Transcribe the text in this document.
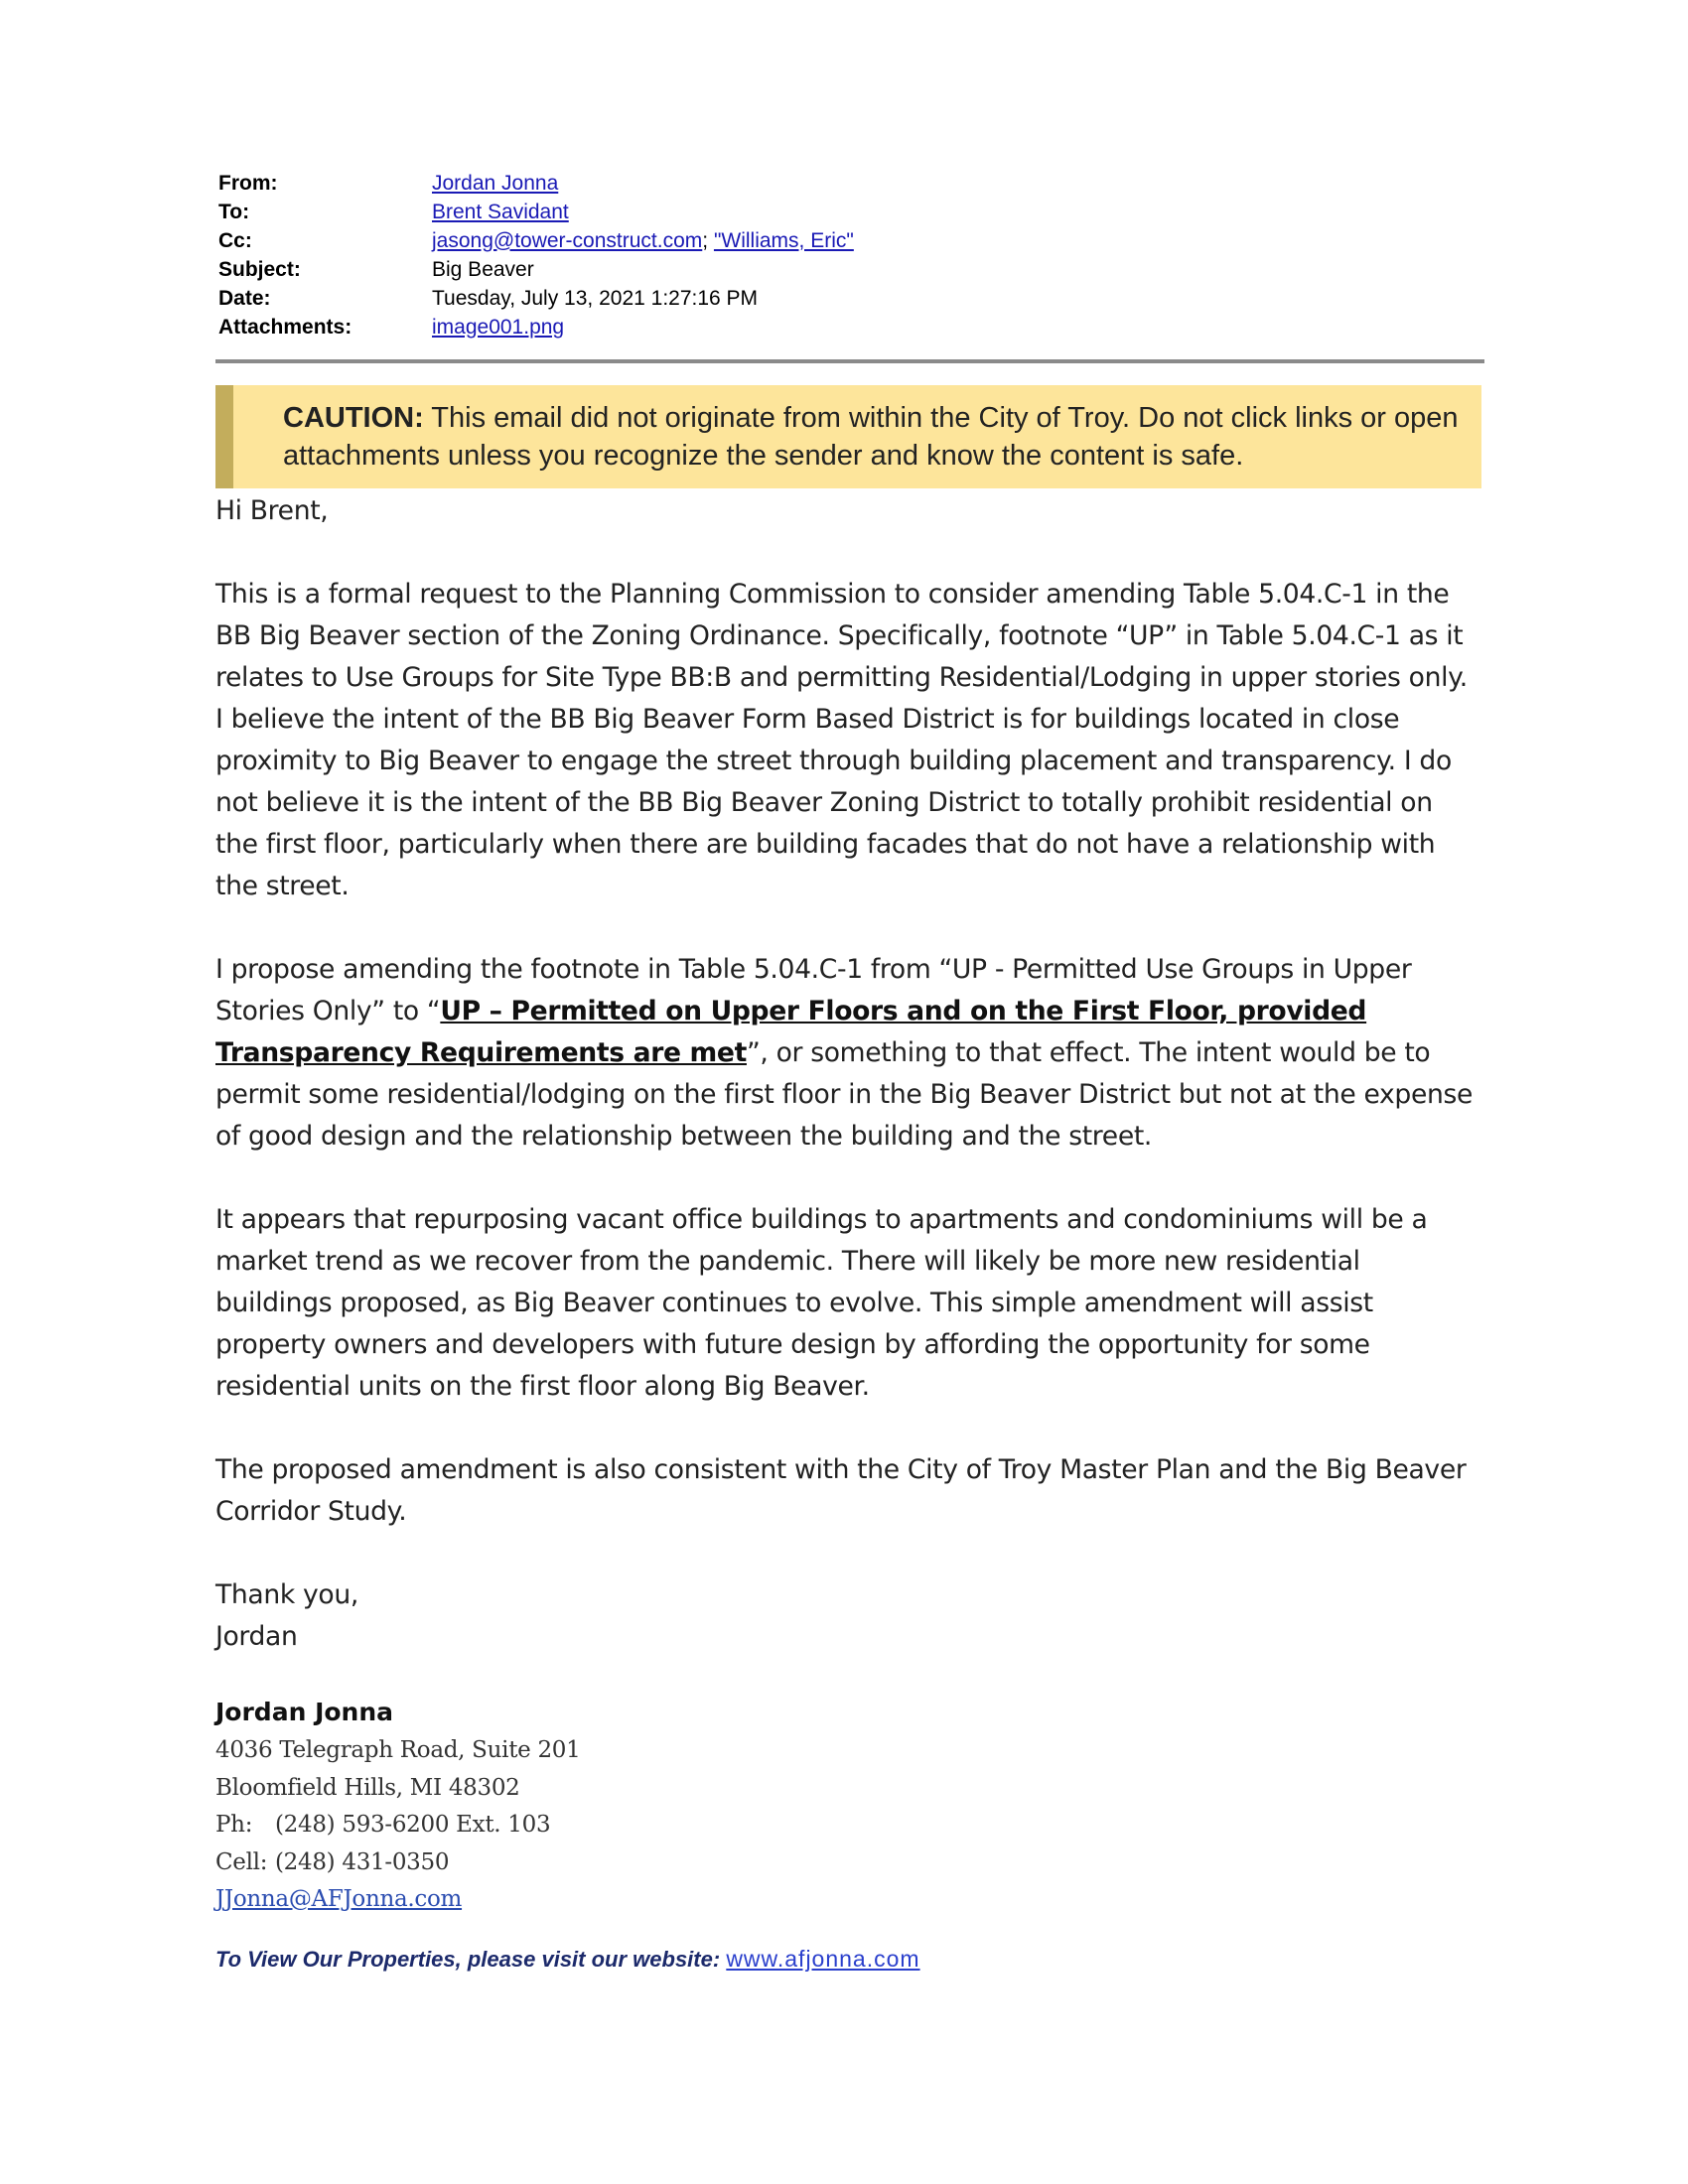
From:	Jordan Jonna
To:	Brent Savidant
Cc:	jasong@tower-construct.com; "Williams, Eric"
Subject:	Big Beaver
Date:	Tuesday, July 13, 2021 1:27:16 PM
Attachments:	image001.png
CAUTION: This email did not originate from within the City of Troy. Do not click links or open attachments unless you recognize the sender and know the content is safe.

Hi Brent,

This is a formal request to the Planning Commission to consider amending Table 5.04.C-1 in the BB Big Beaver section of the Zoning Ordinance. Specifically, footnote “UP” in Table 5.04.C-1 as it relates to Use Groups for Site Type BB:B and permitting Residential/Lodging in upper stories only. I believe the intent of the BB Big Beaver Form Based District is for buildings located in close proximity to Big Beaver to engage the street through building placement and transparency. I do not believe it is the intent of the BB Big Beaver Zoning District to totally prohibit residential on the first floor, particularly when there are building facades that do not have a relationship with the street.

I propose amending the footnote in Table 5.04.C-1 from “UP - Permitted Use Groups in Upper Stories Only” to “UP – Permitted on Upper Floors and on the First Floor, provided Transparency Requirements are met”, or something to that effect. The intent would be to permit some residential/lodging on the first floor in the Big Beaver District but not at the expense of good design and the relationship between the building and the street.

It appears that repurposing vacant office buildings to apartments and condominiums will be a market trend as we recover from the pandemic. There will likely be more new residential buildings proposed, as Big Beaver continues to evolve. This simple amendment will assist property owners and developers with future design by affording the opportunity for some residential units on the first floor along Big Beaver.

The proposed amendment is also consistent with the City of Troy Master Plan and the Big Beaver Corridor Study.

Thank you,
Jordan

Jordan Jonna
4036 Telegraph Road, Suite 201
Bloomfield Hills, MI 48302
Ph: (248) 593-6200 Ext. 103
Cell: (248) 431-0350
JJonna@AFJonna.com
To View Our Properties, please visit our website: www.afjonna.com
